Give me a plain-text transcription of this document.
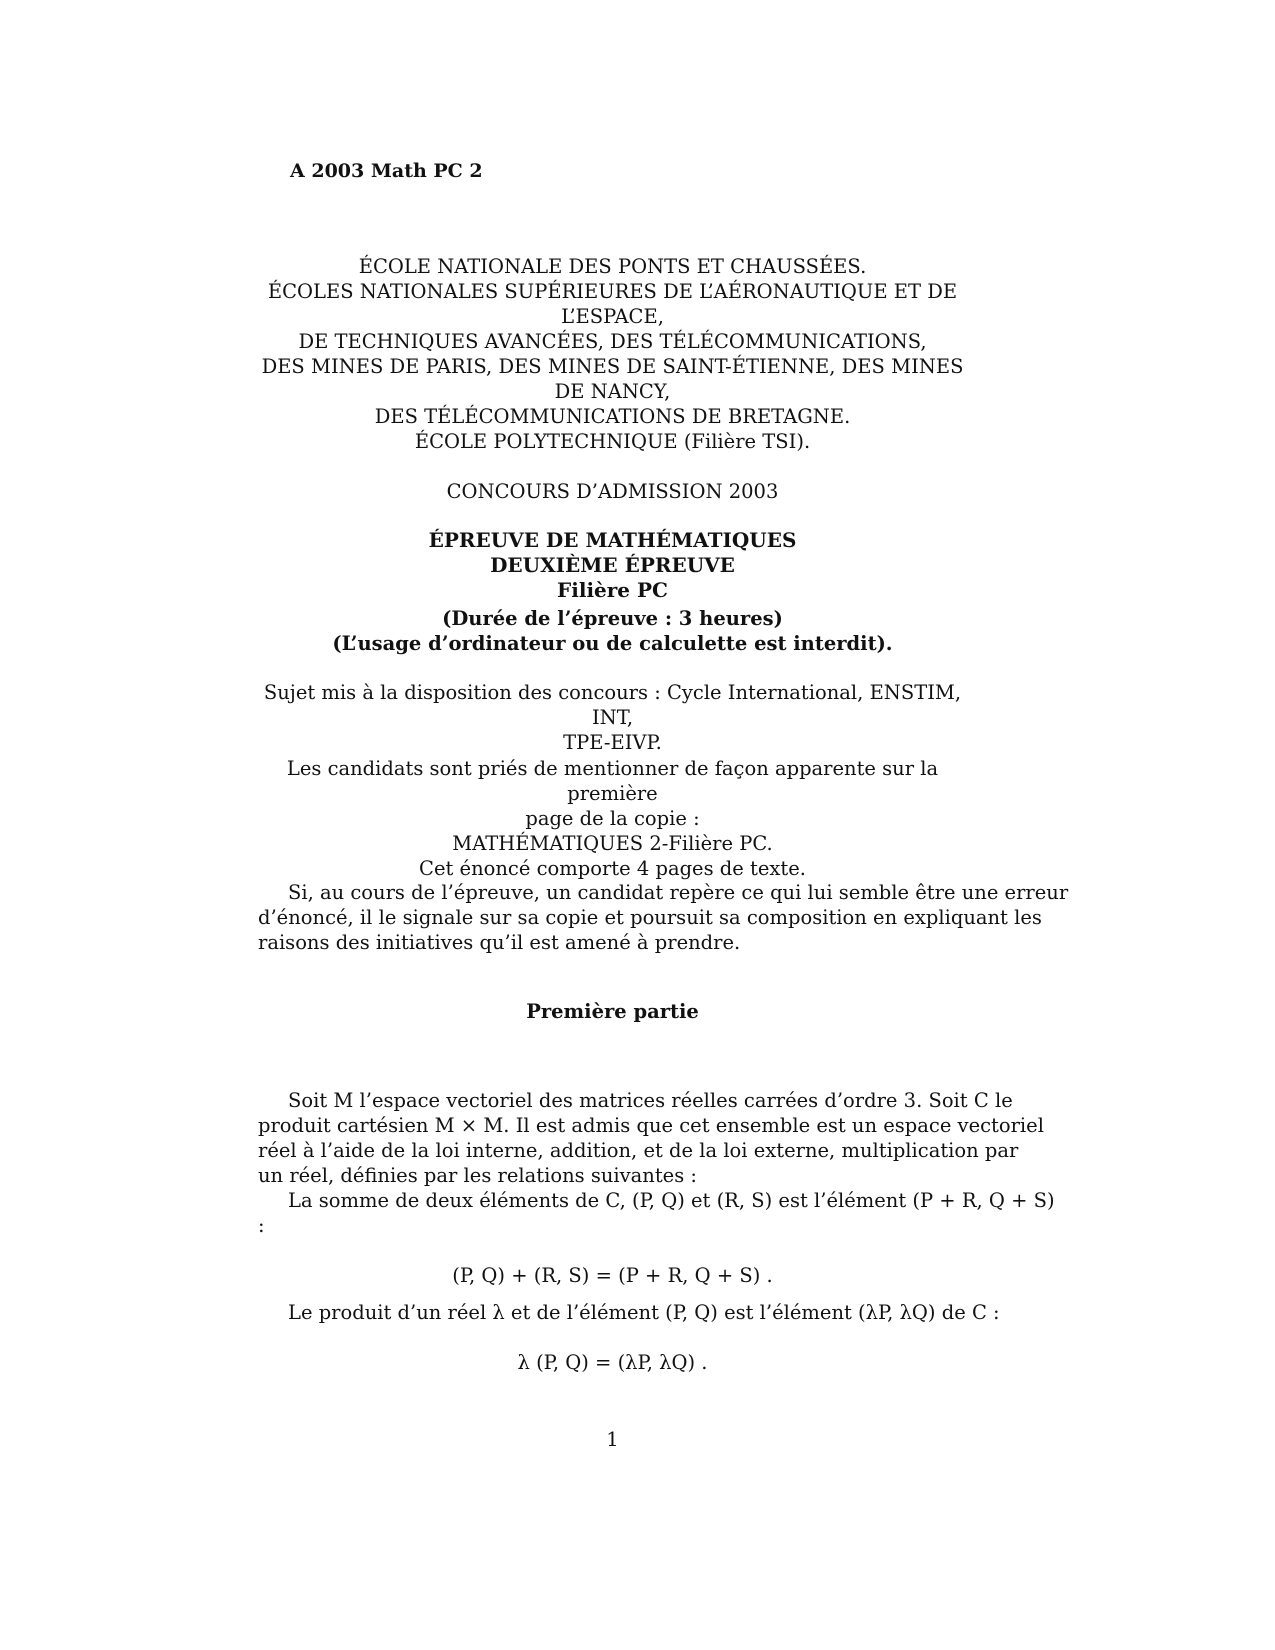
A 2003 Math PC 2
ÉCOLE NATIONALE DES PONTS ET CHAUSSÉES.
ÉCOLES NATIONALES SUPÉRIEURES DE L’AÉRONAUTIQUE ET DE
L’ESPACE,
DE TECHNIQUES AVANCÉES, DES TÉLÉCOMMUNICATIONS,
DES MINES DE PARIS, DES MINES DE SAINT-ÉTIENNE, DES MINES
DE NANCY,
DES TÉLÉCOMMUNICATIONS DE BRETAGNE.
ÉCOLE POLYTECHNIQUE (Filière TSI).
CONCOURS D’ADMISSION 2003
ÉPREUVE DE MATHÉMATIQUES
DEUXIÈME ÉPREUVE
Filière PC
(Durée de l’épreuve : 3 heures)
(L’usage d’ordinateur ou de calculette est interdit).
Sujet mis à la disposition des concours : Cycle International, ENSTIM, INT,
TPE-EIVP.
Les candidats sont priés de mentionner de façon apparente sur la première
page de la copie :
MATHÉMATIQUES 2-Filière PC.
Cet énoncé comporte 4 pages de texte.
Si, au cours de l’épreuve, un candidat repère ce qui lui semble être une erreur
d’énoncé, il le signale sur sa copie et poursuit sa composition en expliquant les
raisons des initiatives qu’il est amené à prendre.
Première partie
Soit M l’espace vectoriel des matrices réelles carrées d’ordre 3. Soit C le
produit cartésien M × M. Il est admis que cet ensemble est un espace vectoriel
réel à l’aide de la loi interne, addition, et de la loi externe, multiplication par
un réel, définies par les relations suivantes :
La somme de deux éléments de C, (P, Q) et (R, S) est l’élément (P + R, Q + S)
:
(P, Q) + (R, S) = (P + R, Q + S) .
Le produit d’un réel λ et de l’élément (P, Q) est l’élément (λP, λQ) de C :
λ (P, Q) = (λP, λQ) .
1
